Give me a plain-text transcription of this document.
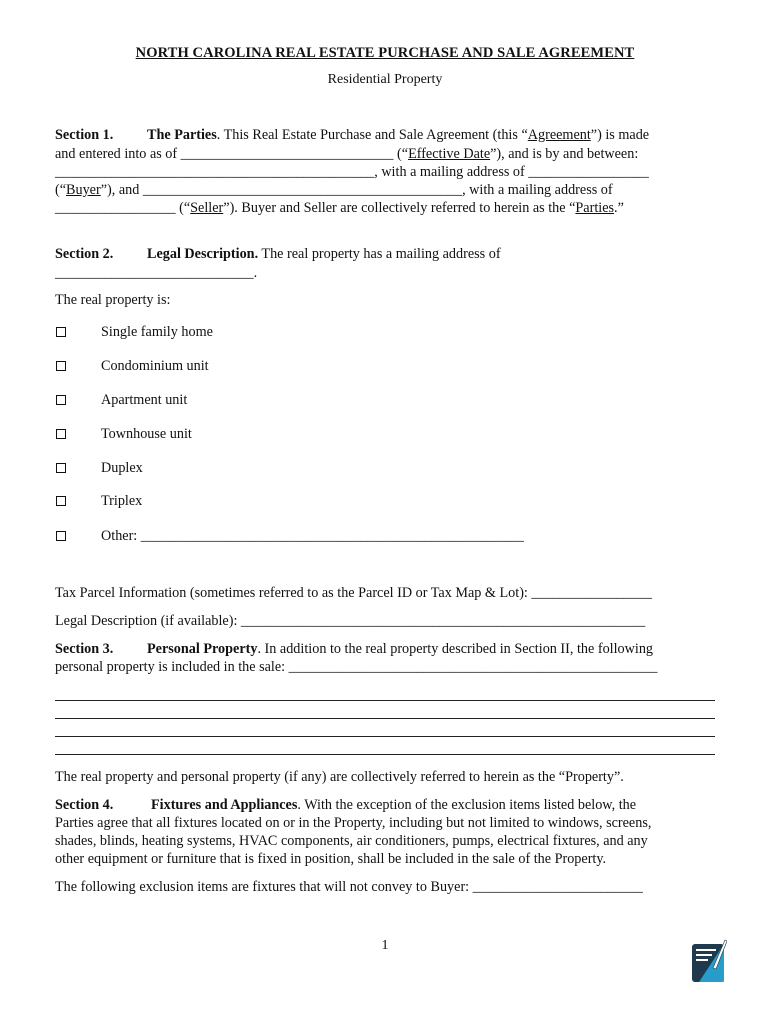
NORTH CAROLINA REAL ESTATE PURCHASE AND SALE AGREEMENT
Residential Property
Section 1. The Parties. This Real Estate Purchase and Sale Agreement (this “Agreement”) is made
and entered into as of ______________________________ (“Effective Date”), and is by and between:
_____________________________________________, with a mailing address of _________________
(“Buyer”), and _____________________________________________, with a mailing address of
_________________ (“Seller”). Buyer and Seller are collectively referred to herein as the “Parties.”
Section 2. Legal Description. The real property has a mailing address of
____________________________.
The real property is:
Single family home
Condominium unit
Apartment unit
Townhouse unit
Duplex
Triplex
Other: ______________________________________________________
Tax Parcel Information (sometimes referred to as the Parcel ID or Tax Map & Lot): _________________
Legal Description (if available): _________________________________________________________
Section 3. Personal Property. In addition to the real property described in Section II, the following
personal property is included in the sale: ____________________________________________________
The real property and personal property (if any) are collectively referred to herein as the “Property”.
Section 4.	Fixtures and Appliances. With the exception of the exclusion items listed below, the
Parties agree that all fixtures located on or in the Property, including but not limited to windows, screens,
shades, blinds, heating systems, HVAC components, air conditioners, pumps, electrical fixtures, and any
other equipment or furniture that is fixed in position, shall be included in the sale of the Property.
The following exclusion items are fixtures that will not convey to Buyer: ________________________
1
